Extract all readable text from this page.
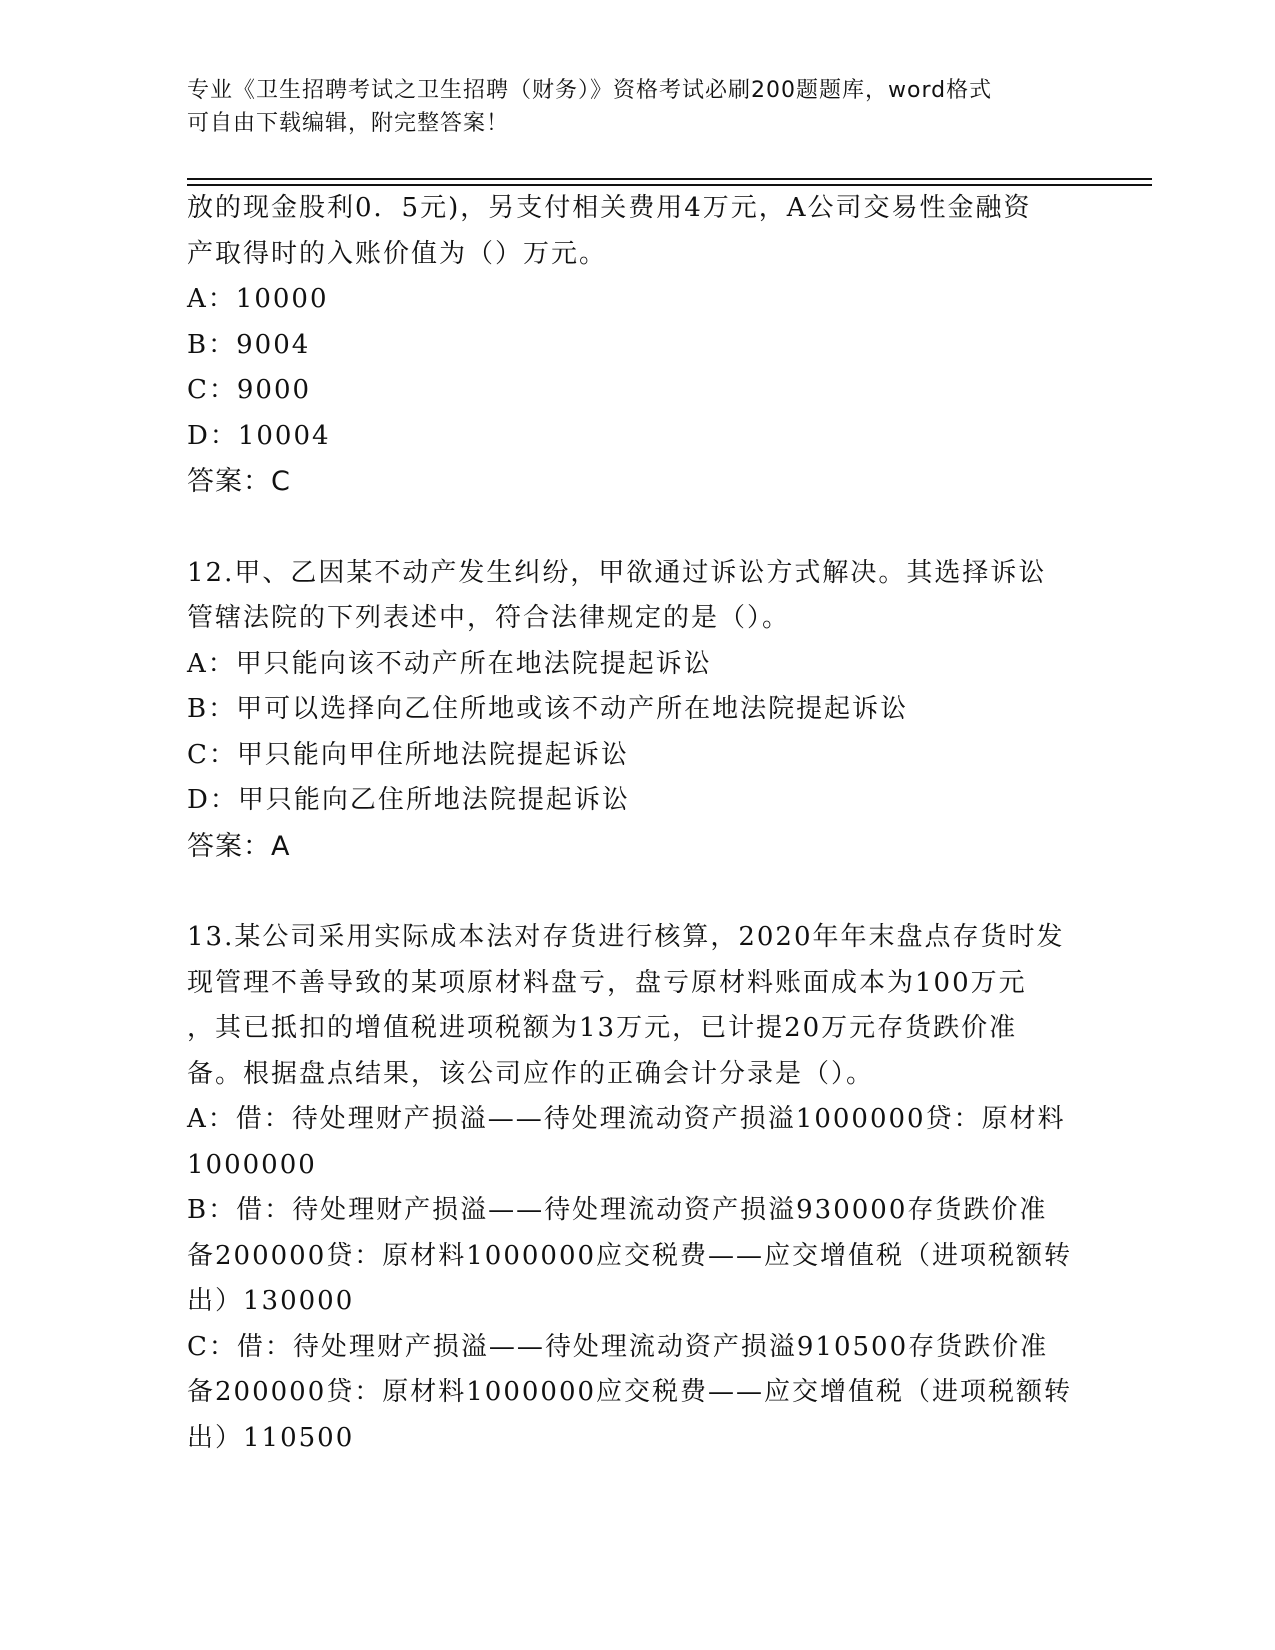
专业《卫生招聘考试之卫生招聘（财务）》资格考试必刷200题题库，word格式
可自由下载编辑，附完整答案！
放的现金股利0．5元)，另支付相关费用4万元，A公司交易性金融资
产取得时的入账价值为（）万元。
A：10000
B：9004
C：9000
D：10004
答案：C
12.甲、乙因某不动产发生纠纷，甲欲通过诉讼方式解决。其选择诉讼
管辖法院的下列表述中，符合法律规定的是（）。
A：甲只能向该不动产所在地法院提起诉讼
B：甲可以选择向乙住所地或该不动产所在地法院提起诉讼
C：甲只能向甲住所地法院提起诉讼
D：甲只能向乙住所地法院提起诉讼
答案：A
13.某公司采用实际成本法对存货进行核算，2020年年末盘点存货时发
现管理不善导致的某项原材料盘亏，盘亏原材料账面成本为100万元
，其已抵扣的增值税进项税额为13万元，已计提20万元存货跌价准
备。根据盘点结果，该公司应作的正确会计分录是（）。
A：借：待处理财产损溢——待处理流动资产损溢1000000贷：原材料
1000000
B：借：待处理财产损溢——待处理流动资产损溢930000存货跌价准
备200000贷：原材料1000000应交税费——应交增值税（进项税额转
出）130000
C：借：待处理财产损溢——待处理流动资产损溢910500存货跌价准
备200000贷：原材料1000000应交税费——应交增值税（进项税额转
出）110500
